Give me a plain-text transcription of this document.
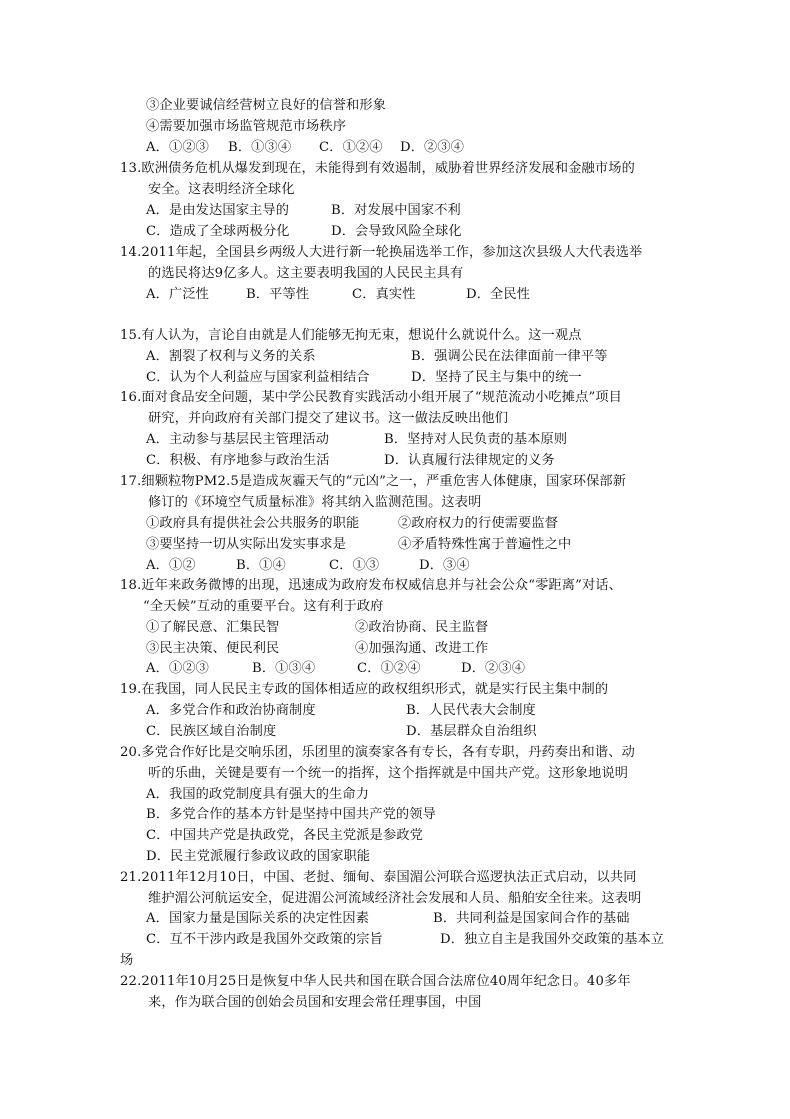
③企业要诚信经营树立良好的信誉和形象
④需要加强市场监管规范市场秩序
A．①②③ B．①③④ C．①②④ D．②③④
13.欧洲债务危机从爆发到现在，未能得到有效遏制，威胁着世界经济发展和金融市场的
安全。这表明经济全球化
A．是由发达国家主导的	B．对发展中国家不利
C．造成了全球两极分化	D．会导致风险全球化
14.2011年起，全国县乡两级人大进行新一轮换届选举工作，参加这次县级人大代表选举
的选民将达9亿多人。这主要表明我国的人民民主具有
A．广泛性	B．平等性	C．真实性	D．全民性
15.有人认为，言论自由就是人们能够无拘无束，想说什么就说什么。这一观点
A．割裂了权利与义务的关系	B．强调公民在法律面前一律平等
C．认为个人利益应与国家利益相结合	D．坚持了民主与集中的统一
16.面对食品安全问题，某中学公民教育实践活动小组开展了“规范流动小吃摊点”项目
研究，并向政府有关部门提交了建议书。这一做法反映出他们
A．主动参与基层民主管理活动	B．坚持对人民负责的基本原则
C．积极、有序地参与政治生活	D．认真履行法律规定的义务
17.细颗粒物PM2.5是造成灰霾天气的“元凶”之一，严重危害人体健康，国家环保部新
修订的《环境空气质量标准》将其纳入监测范围。这表明
①政府具有提供社会公共服务的职能	②政府权力的行使需要监督
③要坚持一切从实际出发实事求是	④矛盾特殊性寓于普遍性之中
A．①②	B．①④	C．①③	D．③④
18.近年来政务微博的出现，迅速成为政府发布权威信息并与社会公众“零距离”对话、
“全天候”互动的重要平台。这有利于政府
①了解民意、汇集民智	②政治协商、民主监督
③民主决策、便民利民	④加强沟通、改进工作
A．①②③	B．①③④	C．①②④	D．②③④
19.在我国，同人民民主专政的国体相适应的政权组织形式，就是实行民主集中制的
A．多党合作和政治协商制度	B．人民代表大会制度
C．民族区域自治制度	D．基层群众自治组织
20.多党合作好比是交响乐团，乐团里的演奏家各有专长，各有专职，丹药奏出和谐、动
听的乐曲，关键是要有一个统一的指挥，这个指挥就是中国共产党。这形象地说明
A．我国的政党制度具有强大的生命力
B．多党合作的基本方针是坚持中国共产党的领导
C．中国共产党是执政党，各民主党派是参政党
D．民主党派履行参政议政的国家职能
21.2011年12月10日，中国、老挝、缅甸、泰国湄公河联合巡逻执法正式启动，以共同
维护湄公河航运安全，促进湄公河流域经济社会发展和人员、船舶安全往来。这表明
A．国家力量是国际关系的决定性因素	B．共同利益是国家间合作的基础
C．互不干涉内政是我国外交政策的宗旨	D．独立自主是我国外交政策的基本立
场
22.2011年10月25日是恢复中华人民共和国在联合国合法席位40周年纪念日。40多年
来，作为联合国的创始会员国和安理会常任理事国，中国
